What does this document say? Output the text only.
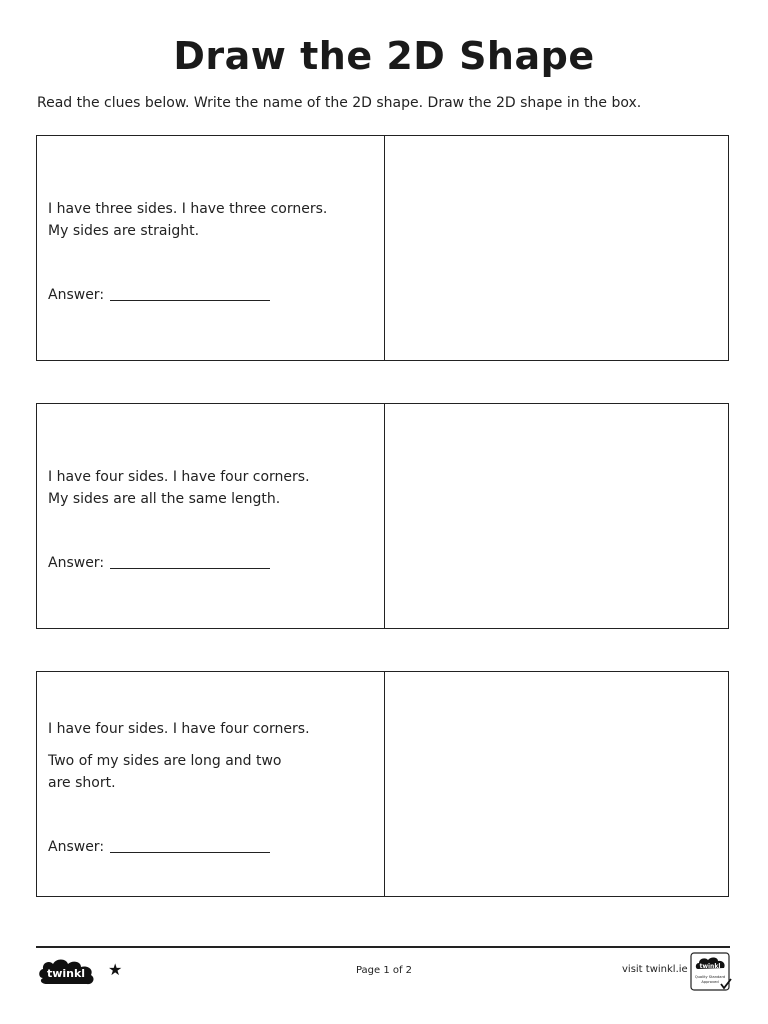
Draw the 2D Shape
Read the clues below. Write the name of the 2D shape. Draw the 2D shape in the box.
I have three sides. I have three corners.
My sides are straight.
Answer:
I have four sides. I have four corners.
My sides are all the same length.
Answer:
I have four sides. I have four corners.
Two of my sides are long and two
are short.
Answer:
twinkl ★	Page 1 of 2	visit twinkl.ie twinkl
Quality Standard
Approved
